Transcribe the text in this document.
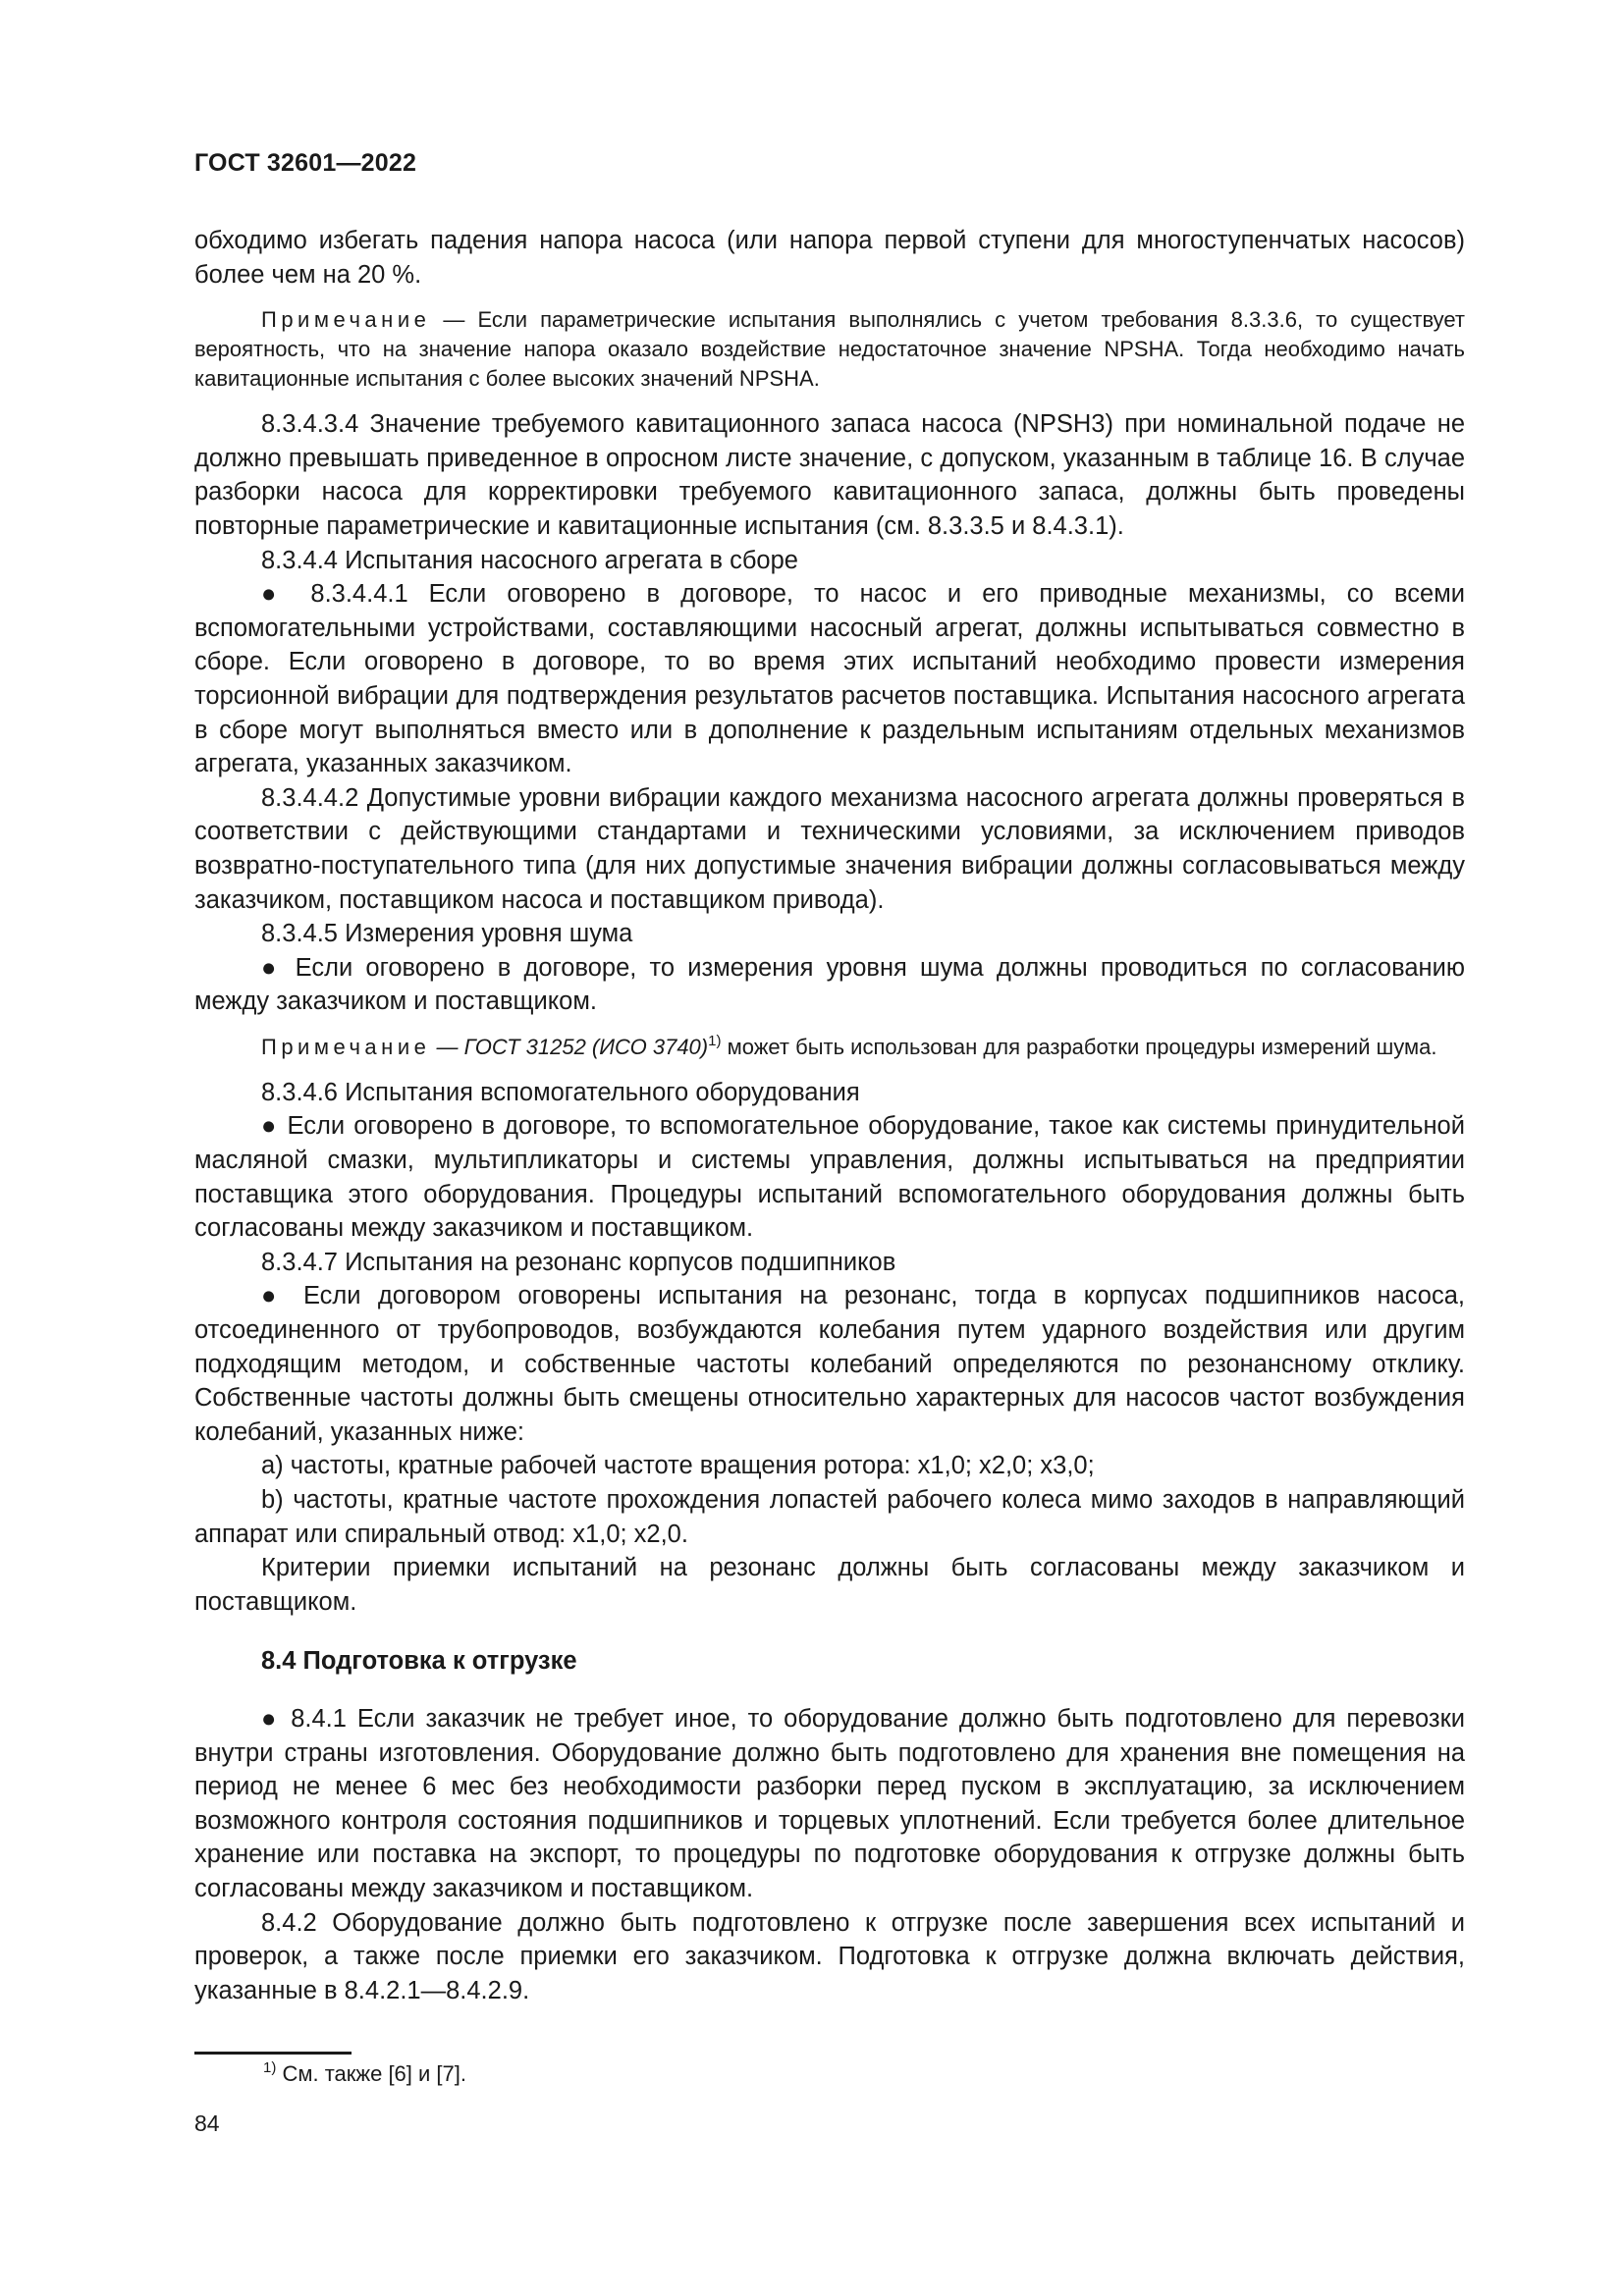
ГОСТ 32601—2022

обходимо избегать падения напора насоса (или напора первой ступени для многоступенчатых насосов) более чем на 20 %.

Примечание — Если параметрические испытания выполнялись с учетом требования 8.3.3.6, то существует вероятность, что на значение напора оказало воздействие недостаточное значение NPSHA. Тогда необходимо начать кавитационные испытания с более высоких значений NPSHA.

8.3.4.3.4 Значение требуемого кавитационного запаса насоса (NPSH3) при номинальной подаче не должно превышать приведенное в опросном листе значение, с допуском, указанным в таблице 16. В случае разборки насоса для корректировки требуемого кавитационного запаса, должны быть проведены повторные параметрические и кавитационные испытания (см. 8.3.3.5 и 8.4.3.1).

8.3.4.4 Испытания насосного агрегата в сборе

● 8.3.4.4.1 Если оговорено в договоре, то насос и его приводные механизмы, со всеми вспомогательными устройствами, составляющими насосный агрегат, должны испытываться совместно в сборе. Если оговорено в договоре, то во время этих испытаний необходимо провести измерения торсионной вибрации для подтверждения результатов расчетов поставщика. Испытания насосного агрегата в сборе могут выполняться вместо или в дополнение к раздельным испытаниям отдельных механизмов агрегата, указанных заказчиком.

8.3.4.4.2 Допустимые уровни вибрации каждого механизма насосного агрегата должны проверяться в соответствии с действующими стандартами и техническими условиями, за исключением приводов возвратно-поступательного типа (для них допустимые значения вибрации должны согласовываться между заказчиком, поставщиком насоса и поставщиком привода).

8.3.4.5 Измерения уровня шума

● Если оговорено в договоре, то измерения уровня шума должны проводиться по согласованию между заказчиком и поставщиком.

Примечание — ГОСТ 31252 (ИСО 3740)$^{1)}$ может быть использован для разработки процедуры измерений шума.

8.3.4.6 Испытания вспомогательного оборудования

● Если оговорено в договоре, то вспомогательное оборудование, такое как системы принудительной масляной смазки, мультипликаторы и системы управления, должны испытываться на предприятии поставщика этого оборудования. Процедуры испытаний вспомогательного оборудования должны быть согласованы между заказчиком и поставщиком.

8.3.4.7 Испытания на резонанс корпусов подшипников

● Если договором оговорены испытания на резонанс, тогда в корпусах подшипников насоса, отсоединенного от трубопроводов, возбуждаются колебания путем ударного воздействия или другим подходящим методом, и собственные частоты колебаний определяются по резонансному отклику. Собственные частоты должны быть смещены относительно характерных для насосов частот возбуждения колебаний, указанных ниже:

a) частоты, кратные рабочей частоте вращения ротора: x1,0; x2,0; x3,0;

b) частоты, кратные частоте прохождения лопастей рабочего колеса мимо заходов в направляющий аппарат или спиральный отвод: x1,0; x2,0.

Критерии приемки испытаний на резонанс должны быть согласованы между заказчиком и поставщиком.

8.4 Подготовка к отгрузке

● 8.4.1 Если заказчик не требует иное, то оборудование должно быть подготовлено для перевозки внутри страны изготовления. Оборудование должно быть подготовлено для хранения вне помещения на период не менее 6 мес без необходимости разборки перед пуском в эксплуатацию, за исключением возможного контроля состояния подшипников и торцевых уплотнений. Если требуется более длительное хранение или поставка на экспорт, то процедуры по подготовке оборудования к отгрузке должны быть согласованы между заказчиком и поставщиком.

8.4.2 Оборудование должно быть подготовлено к отгрузке после завершения всех испытаний и проверок, а также после приемки его заказчиком. Подготовка к отгрузке должна включать действия, указанные в 8.4.2.1—8.4.2.9.

$^{1)}$ См. также [6] и [7].
84
